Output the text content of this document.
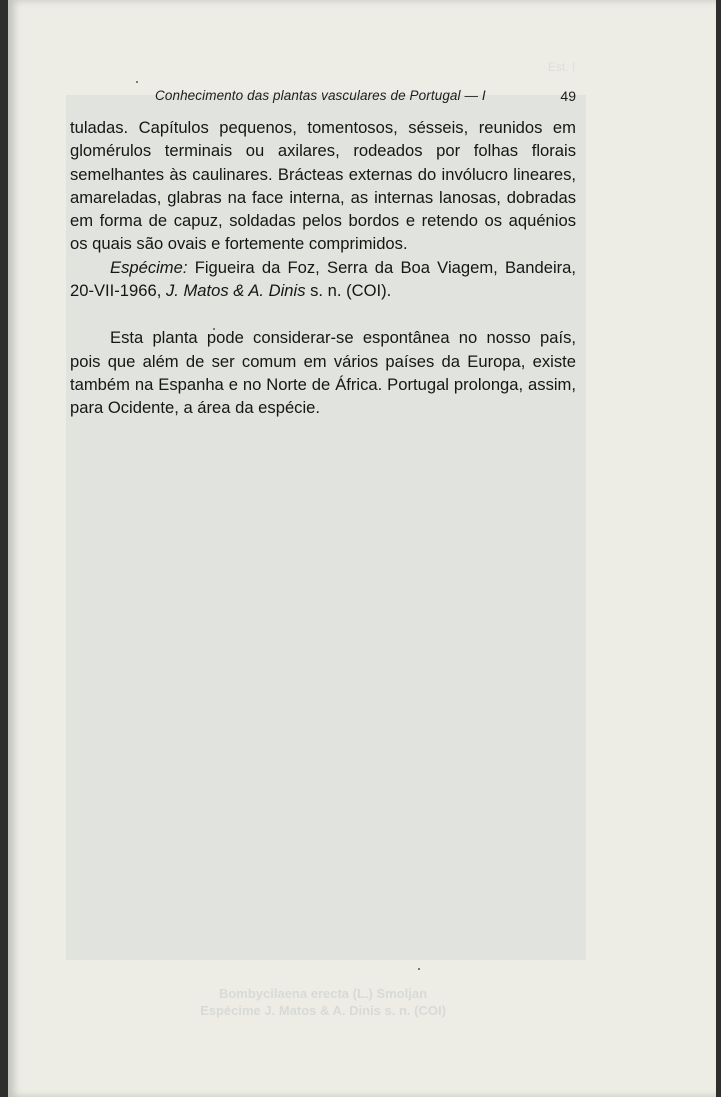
Est. I
Bombycilaena erecta (L.) Smoljan
Espécime J. Matos & A. Dinis s. n. (COI)
Conhecimento das plantas vasculares de Portugal — I	49

tuladas. Capítulos pequenos, tomentosos, sésseis, reunidos em glomérulos terminais ou axilares, rodeados por folhas florais semelhantes às caulinares. Brácteas externas do invólucro lineares, amareladas, glabras na face interna, as internas lanosas, dobradas em forma de capuz, soldadas pelos bordos e retendo os aquénios os quais são ovais e fortemente comprimidos.

Espécime: Figueira da Foz, Serra da Boa Viagem, Bandeira, 20-VII-1966, J. Matos & A. Dinis s. n. (COI).

Esta planta pode considerar-se espontânea no nosso país, pois que além de ser comum em vários países da Europa, existe também na Espanha e no Norte de África. Portugal prolonga, assim, para Ocidente, a área da espécie.
